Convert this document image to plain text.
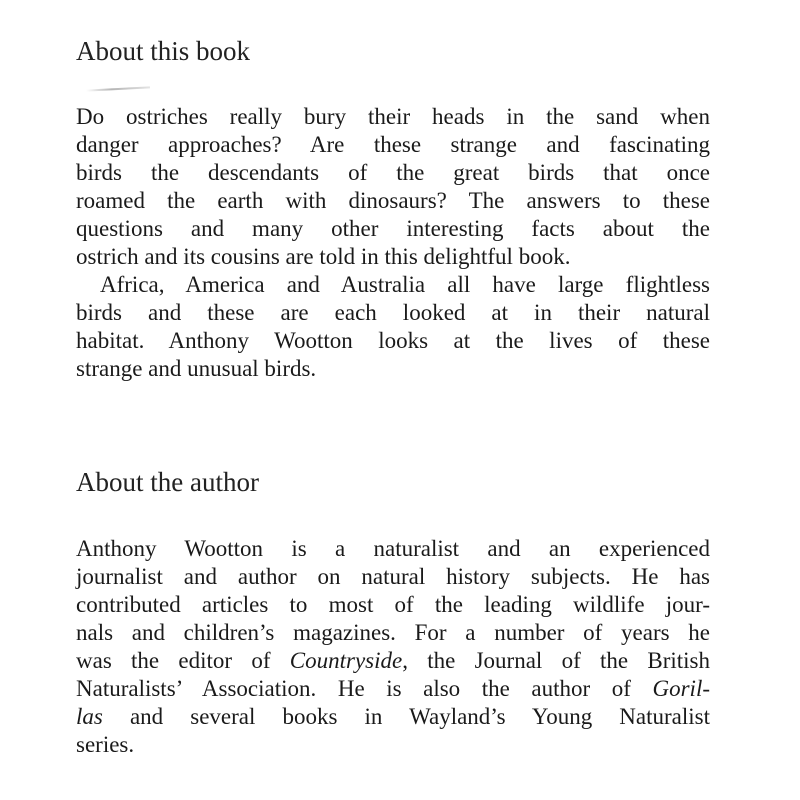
About this book
Do ostriches really bury their heads in the sand when
danger approaches? Are these strange and fascinating
birds the descendants of the great birds that once
roamed the earth with dinosaurs? The answers to these
questions and many other interesting facts about the
ostrich and its cousins are told in this delightful book.
Africa, America and Australia all have large flightless
birds and these are each looked at in their natural
habitat. Anthony Wootton looks at the lives of these
strange and unusual birds.
About the author
Anthony Wootton is a naturalist and an experienced
journalist and author on natural history subjects. He has
contributed articles to most of the leading wildlife jour-
nals and children’s magazines. For a number of years he
was the editor of Countryside, the Journal of the British
Naturalists’ Association. He is also the author of Goril-
las and several books in Wayland’s Young Naturalist
series.
